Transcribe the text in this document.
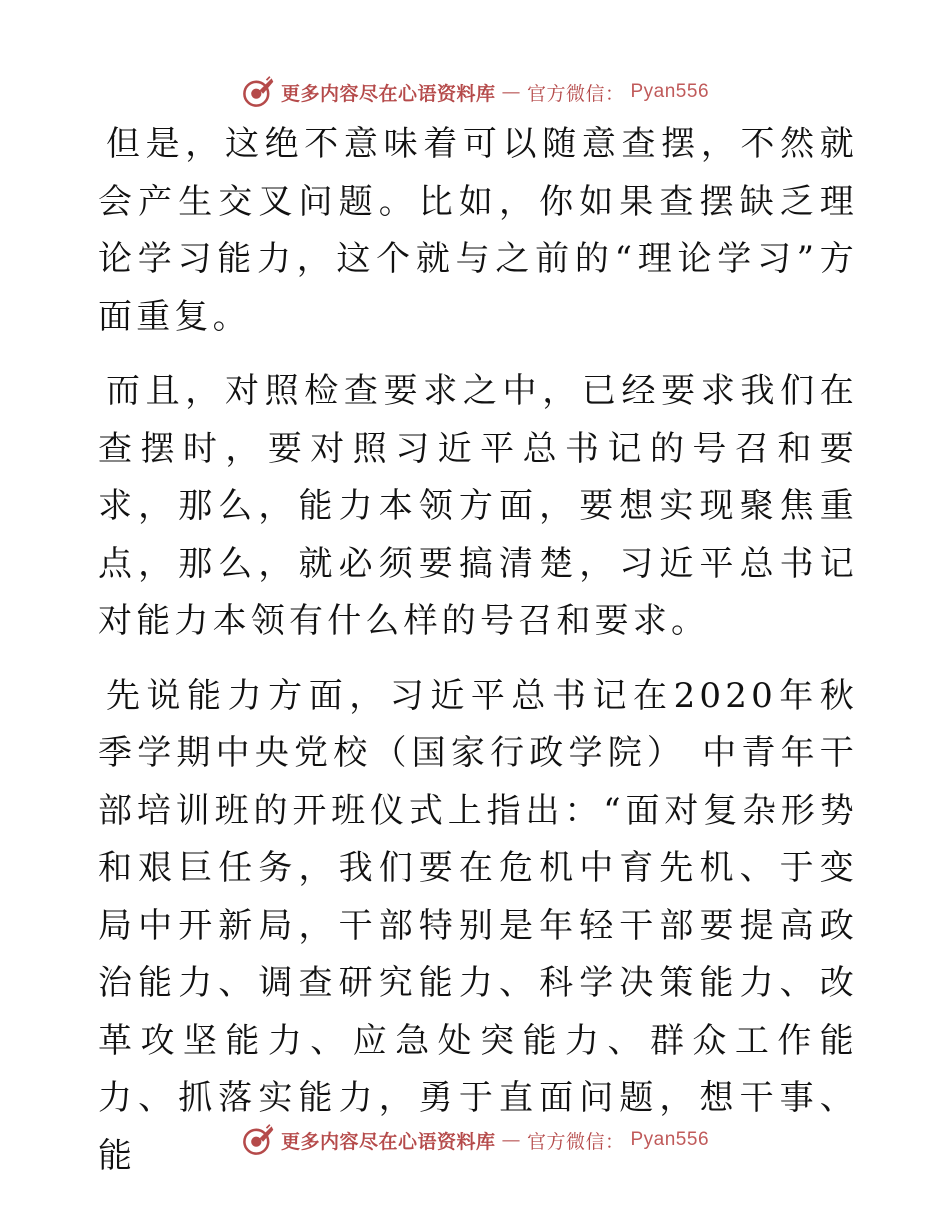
更多内容尽在心语资料库 — 官方微信： Pyan556

但是，这绝不意味着可以随意查摆，不然就会产生交叉问题。比如，你如果查摆缺乏理论学习能力，这个就与之前的“理论学习”方面重复。

而且，对照检查要求之中，已经要求我们在查摆时，要对照习近平总书记的号召和要求，那么，能力本领方面，要想实现聚焦重点，那么，就必须要搞清楚，习近平总书记对能力本领有什么样的号召和要求。

先说能力方面，习近平总书记在2020年秋季学期中央党校（国家行政学院） 中青年干部培训班的开班仪式上指出：“面对复杂形势和艰巨任务，我们要在危机中育先机、于变局中开新局，干部特别是年轻干部要提高政治能力、调查研究能力、科学决策能力、改革攻坚能力、应急处突能力、群众工作能力、抓落实能力，勇于直面问题，想干事、能	更多内容尽在心语资料库 — 官方微信： Pyan556
